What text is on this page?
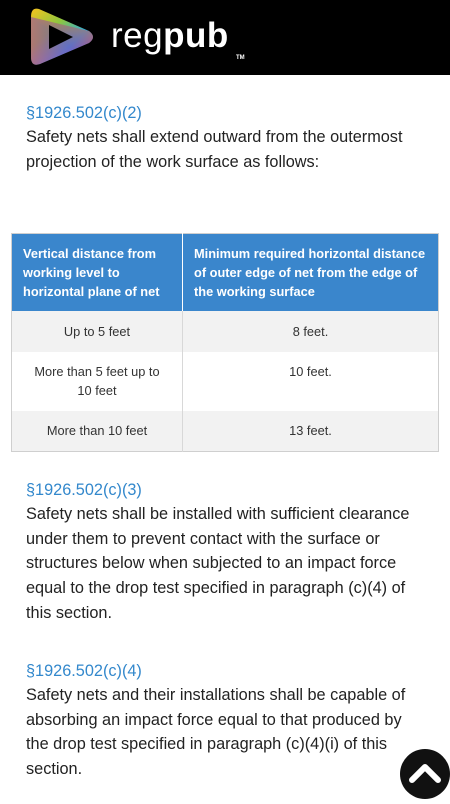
regpub
TM
§1926.502(c)(2)
Safety nets shall extend outward from the outermost
projection of the work surface as follows:
Vertical distance from
working level to
horizontal plane of net	Minimum required horizontal distance
of outer edge of net from the edge of
the working surface
Up to 5 feet	8 feet.
More than 5 feet up to
10 feet	10 feet.
More than 10 feet	13 feet.
§1926.502(c)(3)
Safety nets shall be installed with sufficient clearance
under them to prevent contact with the surface or
structures below when subjected to an impact force
equal to the drop test specified in paragraph (c)(4) of
this section.
§1926.502(c)(4)
Safety nets and their installations shall be capable of
absorbing an impact force equal to that produced by
the drop test specified in paragraph (c)(4)(i) of this
section.
